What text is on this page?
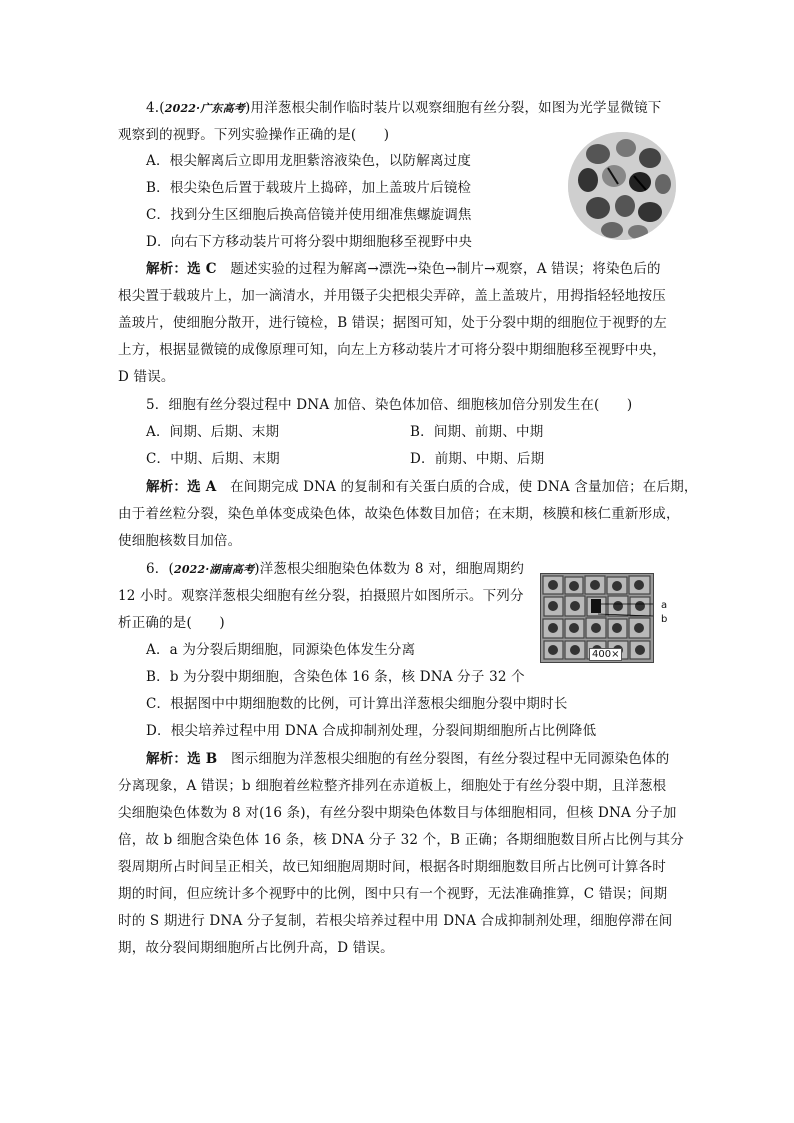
4.(2022·广东高考)用洋葱根尖制作临时装片以观察细胞有丝分裂，如图为光学显微镜下
观察到的视野。下列实验操作正确的是(　　)
A．根尖解离后立即用龙胆紫溶液染色，以防解离过度
B．根尖染色后置于载玻片上捣碎，加上盖玻片后镜检
C．找到分生区细胞后换高倍镜并使用细准焦螺旋调焦
D．向右下方移动装片可将分裂中期细胞移至视野中央
解析：选 C　题述实验的过程为解离→漂洗→染色→制片→观察，A 错误；将染色后的
根尖置于载玻片上，加一滴清水，并用镊子尖把根尖弄碎，盖上盖玻片，用拇指轻轻地按压
盖玻片，使细胞分散开，进行镜检，B 错误；据图可知，处于分裂中期的细胞位于视野的左
上方，根据显微镜的成像原理可知，向左上方移动装片才可将分裂中期细胞移至视野中央，
D 错误。
5．细胞有丝分裂过程中 DNA 加倍、染色体加倍、细胞核加倍分别发生在(　　)
A．间期、后期、末期	B．间期、前期、中期
C．中期、后期、末期	D．前期、中期、后期
解析：选 A　在间期完成 DNA 的复制和有关蛋白质的合成，使 DNA 含量加倍；在后期，
由于着丝粒分裂，染色单体变成染色体，故染色体数目加倍；在末期，核膜和核仁重新形成，
使细胞核数目加倍。
6．(2022·湖南高考)洋葱根尖细胞染色体数为 8 对，细胞周期约
12 小时。观察洋葱根尖细胞有丝分裂，拍摄照片如图所示。下列分
析正确的是(　　)
a
b
400×
A．a 为分裂后期细胞，同源染色体发生分离
B．b 为分裂中期细胞，含染色体 16 条，核 DNA 分子 32 个
C．根据图中中期细胞数的比例，可计算出洋葱根尖细胞分裂中期时长
D．根尖培养过程中用 DNA 合成抑制剂处理，分裂间期细胞所占比例降低
解析：选 B　图示细胞为洋葱根尖细胞的有丝分裂图，有丝分裂过程中无同源染色体的
分离现象，A 错误；b 细胞着丝粒整齐排列在赤道板上，细胞处于有丝分裂中期，且洋葱根
尖细胞染色体数为 8 对(16 条)，有丝分裂中期染色体数目与体细胞相同，但核 DNA 分子加
倍，故 b 细胞含染色体 16 条，核 DNA 分子 32 个，B 正确；各期细胞数目所占比例与其分
裂周期所占时间呈正相关，故已知细胞周期时间，根据各时期细胞数目所占比例可计算各时
期的时间，但应统计多个视野中的比例，图中只有一个视野，无法准确推算，C 错误；间期
时的 S 期进行 DNA 分子复制，若根尖培养过程中用 DNA 合成抑制剂处理，细胞停滞在间
期，故分裂间期细胞所占比例升高，D 错误。
